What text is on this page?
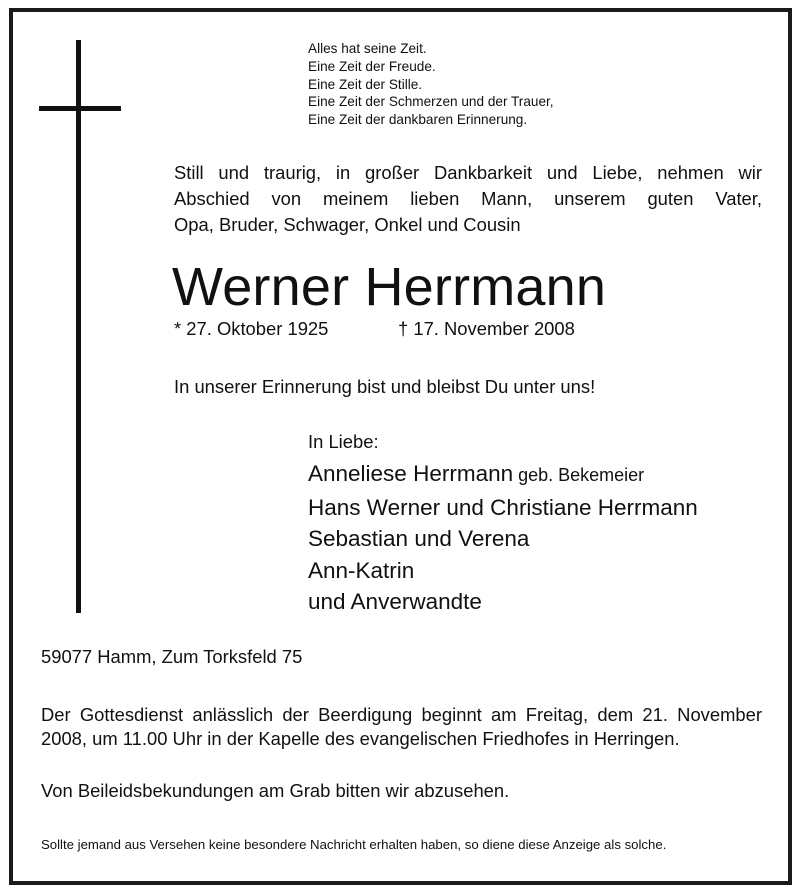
Alles hat seine Zeit.
Eine Zeit der Freude.
Eine Zeit der Stille.
Eine Zeit der Schmerzen und der Trauer,
Eine Zeit der dankbaren Erinnerung.
Still und traurig, in großer Dankbarkeit und Liebe, nehmen wir
Abschied von meinem lieben Mann, unserem guten Vater,
Opa, Bruder, Schwager, Onkel und Cousin
Werner Herrmann
* 27. Oktober 1925	† 17. November 2008
In unserer Erinnerung bist und bleibst Du unter uns!
In Liebe:
Anneliese Herrmann geb. Bekemeier
Hans Werner und Christiane Herrmann
Sebastian und Verena
Ann-Katrin
und Anverwandte
59077 Hamm, Zum Torksfeld 75
Der Gottesdienst anlässlich der Beerdigung beginnt am Freitag, dem 21. November
2008, um 11.00 Uhr in der Kapelle des evangelischen Friedhofes in Herringen.
Von Beileidsbekundungen am Grab bitten wir abzusehen.
Sollte jemand aus Versehen keine besondere Nachricht erhalten haben, so diene diese Anzeige als solche.
